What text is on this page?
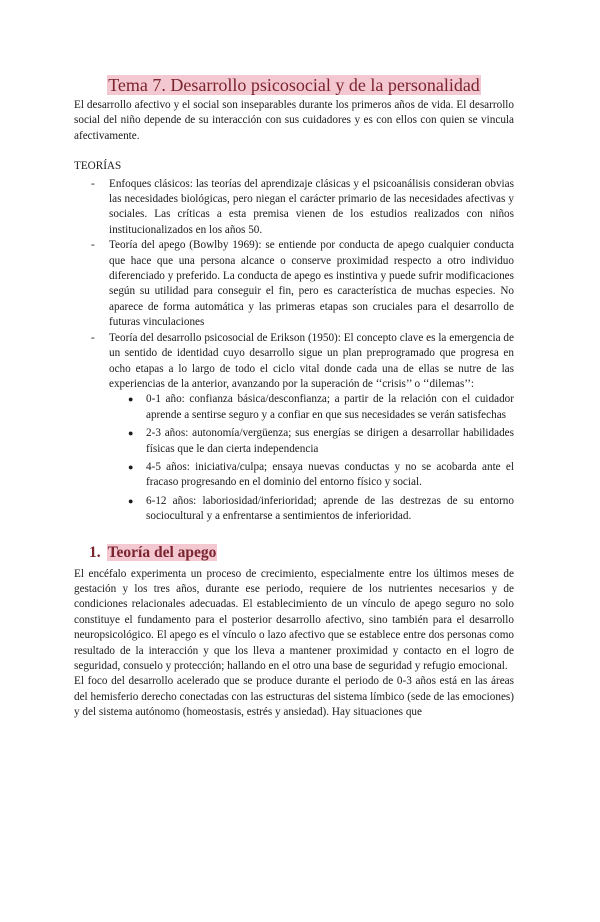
Tema 7. Desarrollo psicosocial y de la personalidad

El desarrollo afectivo y el social son inseparables durante los primeros años de vida. El desarrollo social del niño depende de su interacción con sus cuidadores y es con ellos con quien se vincula afectivamente.

TEORÍAS
- Enfoques clásicos: las teorías del aprendizaje clásicas y el psicoanálisis consideran obvias las necesidades biológicas, pero niegan el carácter primario de las necesidades afectivas y sociales. Las críticas a esta premisa vienen de los estudios realizados con niños institucionalizados en los años 50.
- Teoría del apego (Bowlby 1969): se entiende por conducta de apego cualquier conducta que hace que una persona alcance o conserve proximidad respecto a otro individuo diferenciado y preferido. La conducta de apego es instintiva y puede sufrir modificaciones según su utilidad para conseguir el fin, pero es característica de muchas especies. No aparece de forma automática y las primeras etapas son cruciales para el desarrollo de futuras vinculaciones
- Teoría del desarrollo psicosocial de Erikson (1950): El concepto clave es la emergencia de un sentido de identidad cuyo desarrollo sigue un plan preprogramado que progresa en ocho etapas a lo largo de todo el ciclo vital donde cada una de ellas se nutre de las experiencias de la anterior, avanzando por la superación de ‘‘crisis’’ o ‘‘dilemas’’:
● 0-1 año: confianza básica/desconfianza; a partir de la relación con el cuidador aprende a sentirse seguro y a confiar en que sus necesidades se verán satisfechas
● 2-3 años: autonomía/vergüenza; sus energías se dirigen a desarrollar habilidades físicas que le dan cierta independencia
● 4-5 años: iniciativa/culpa; ensaya nuevas conductas y no se acobarda ante el fracaso progresando en el dominio del entorno físico y social.
● 6-12 años: laboriosidad/inferioridad; aprende de las destrezas de su entorno sociocultural y a enfrentarse a sentimientos de inferioridad.
1. Teoría del apego

El encéfalo experimenta un proceso de crecimiento, especialmente entre los últimos meses de gestación y los tres años, durante ese periodo, requiere de los nutrientes necesarios y de condiciones relacionales adecuadas. El establecimiento de un vínculo de apego seguro no solo constituye el fundamento para el posterior desarrollo afectivo, sino también para el desarrollo neuropsicológico. El apego es el vínculo o lazo afectivo que se establece entre dos personas como resultado de la interacción y que los lleva a mantener proximidad y contacto en el logro de seguridad, consuelo y protección; hallando en el otro una base de seguridad y refugio emocional.

El foco del desarrollo acelerado que se produce durante el periodo de 0-3 años está en las áreas del hemisferio derecho conectadas con las estructuras del sistema límbico (sede de las emociones) y del sistema autónomo (homeostasis, estrés y ansiedad). Hay situaciones que
